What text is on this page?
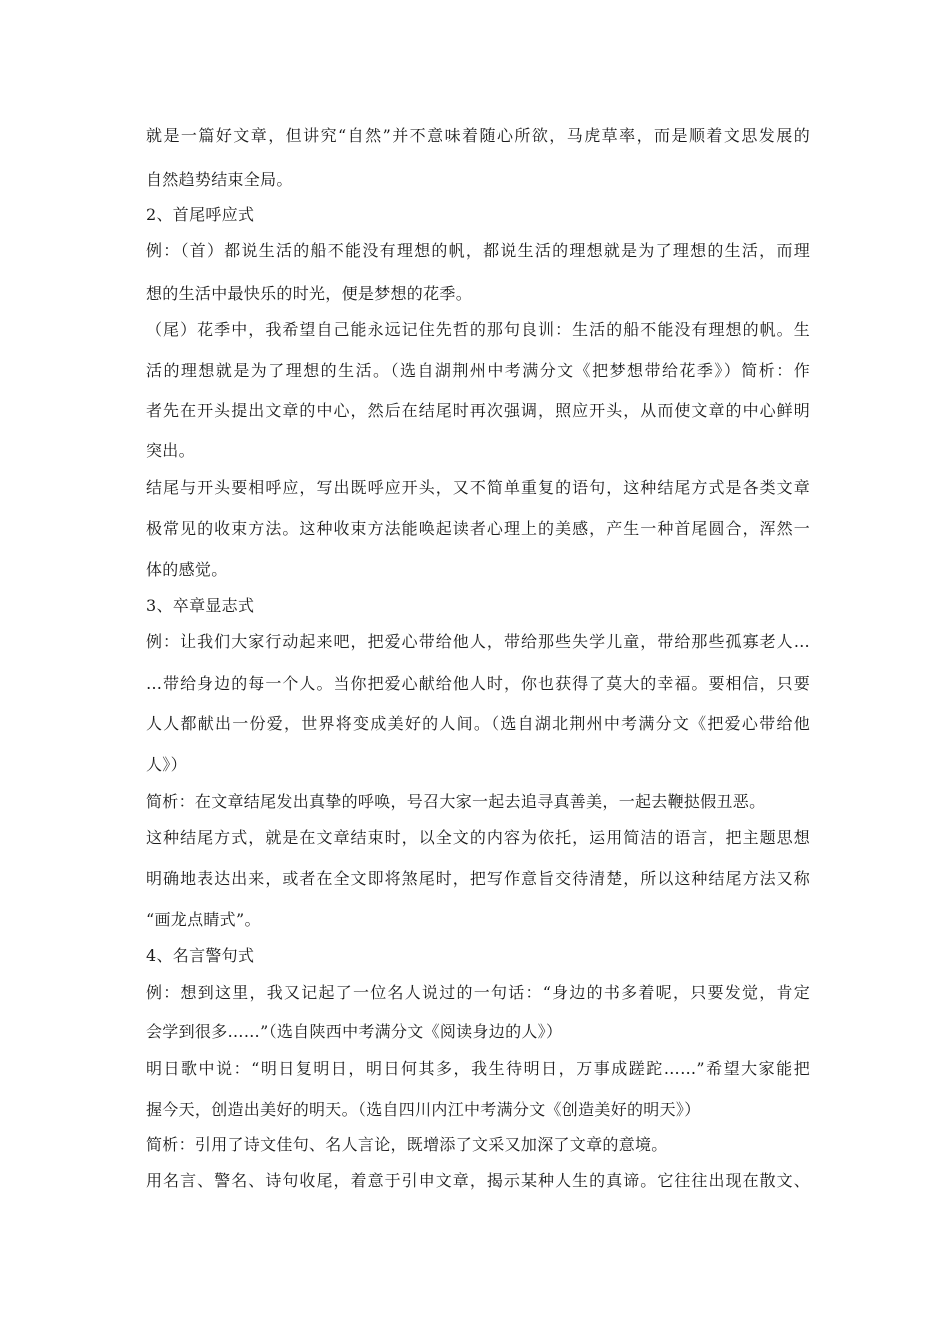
就是一篇好文章，但讲究“自然”并不意味着随心所欲，马虎草率，而是顺着文思发展的
自然趋势结束全局。
2、首尾呼应式
例：（首）都说生活的船不能没有理想的帆，都说生活的理想就是为了理想的生活，而理
想的生活中最快乐的时光，便是梦想的花季。
（尾）花季中，我希望自己能永远记住先哲的那句良训：生活的船不能没有理想的帆。生
活的理想就是为了理想的生活。（选自湖荆州中考满分文《把梦想带给花季》）简析：作
者先在开头提出文章的中心，然后在结尾时再次强调，照应开头，从而使文章的中心鲜明
突出。
结尾与开头要相呼应，写出既呼应开头，又不简单重复的语句，这种结尾方式是各类文章
极常见的收束方法。这种收束方法能唤起读者心理上的美感，产生一种首尾圆合，浑然一
体的感觉。
3、卒章显志式
例：让我们大家行动起来吧，把爱心带给他人，带给那些失学儿童，带给那些孤寡老人…
…带给身边的每一个人。当你把爱心献给他人时，你也获得了莫大的幸福。要相信，只要
人人都献出一份爱，世界将变成美好的人间。（选自湖北荆州中考满分文《把爱心带给他
人》）
简析：在文章结尾发出真挚的呼唤，号召大家一起去追寻真善美，一起去鞭挞假丑恶。
这种结尾方式，就是在文章结束时，以全文的内容为依托，运用简洁的语言，把主题思想
明确地表达出来，或者在全文即将煞尾时，把写作意旨交待清楚，所以这种结尾方法又称
“画龙点睛式”。
4、名言警句式
例：想到这里，我又记起了一位名人说过的一句话：“身边的书多着呢，只要发觉，肯定
会学到很多……”（选自陕西中考满分文《阅读身边的人》）
明日歌中说：“明日复明日，明日何其多，我生待明日，万事成蹉跎……”希望大家能把
握今天，创造出美好的明天。（选自四川内江中考满分文《创造美好的明天》）
简析：引用了诗文佳句、名人言论，既增添了文采又加深了文章的意境。
用名言、警名、诗句收尾，着意于引申文章，揭示某种人生的真谛。它往往出现在散文、
